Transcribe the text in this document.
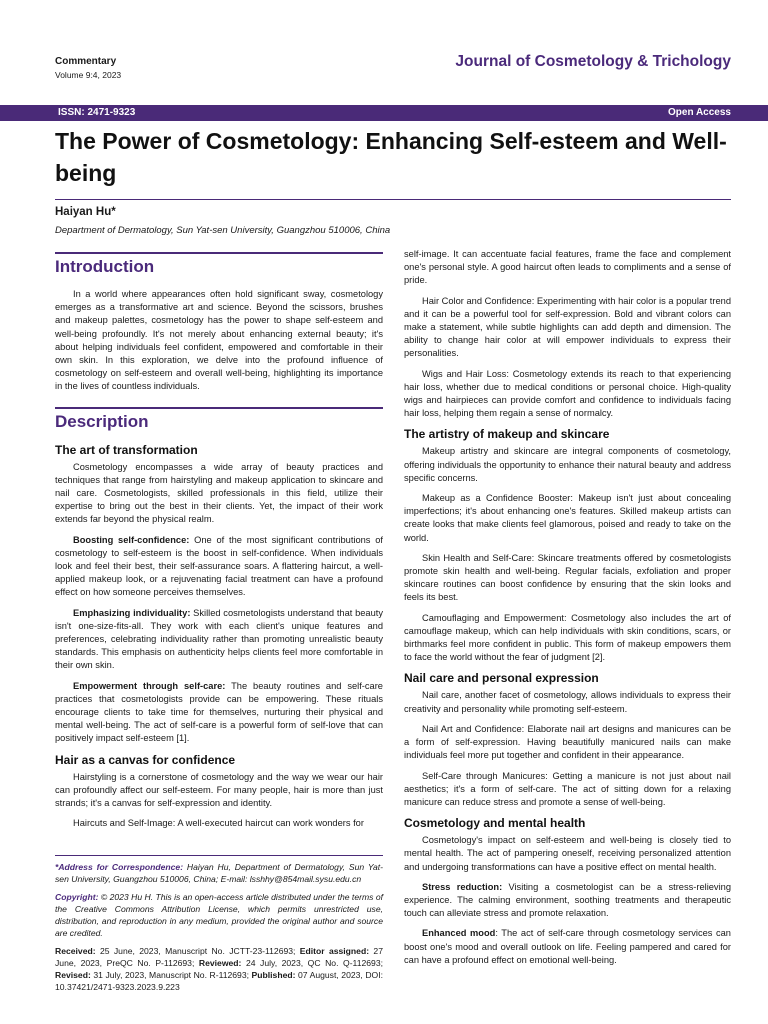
Commentary
Volume 9:4, 2023
Journal of Cosmetology & Trichology
ISSN: 2471-9323	Open Access
The Power of Cosmetology: Enhancing Self-esteem and Well-being
Haiyan Hu*
Department of Dermatology, Sun Yat-sen University, Guangzhou 510006, China
Introduction

In a world where appearances often hold significant sway, cosmetology emerges as a transformative art and science. Beyond the scissors, brushes and makeup palettes, cosmetology has the power to shape self-esteem and well-being profoundly. It's not merely about enhancing external beauty; it's about helping individuals feel confident, empowered and comfortable in their own skin. In this exploration, we delve into the profound influence of cosmetology on self-esteem and overall well-being, highlighting its importance in the lives of countless individuals.

Description
The art of transformation

Cosmetology encompasses a wide array of beauty practices and techniques that range from hairstyling and makeup application to skincare and nail care. Cosmetologists, skilled professionals in this field, utilize their expertise to bring out the best in their clients. Yet, the impact of their work extends far beyond the physical realm.

Boosting self-confidence: One of the most significant contributions of cosmetology to self-esteem is the boost in self-confidence. When individuals look and feel their best, their self-assurance soars. A flattering haircut, a well-applied makeup look, or a rejuvenating facial treatment can have a profound effect on how someone perceives themselves.

Emphasizing individuality: Skilled cosmetologists understand that beauty isn't one-size-fits-all. They work with each client's unique features and preferences, celebrating individuality rather than promoting unrealistic beauty standards. This emphasis on authenticity helps clients feel more comfortable in their own skin.

Empowerment through self-care: The beauty routines and self-care practices that cosmetologists provide can be empowering. These rituals encourage clients to take time for themselves, nurturing their physical and mental well-being. The act of self-care is a powerful form of self-love that can positively impact self-esteem [1].

Hair as a canvas for confidence

Hairstyling is a cornerstone of cosmetology and the way we wear our hair can profoundly affect our self-esteem. For many people, hair is more than just strands; it's a canvas for self-expression and identity.

Haircuts and Self-Image: A well-executed haircut can work wonders for

self-image. It can accentuate facial features, frame the face and complement one's personal style. A good haircut often leads to compliments and a sense of pride.

Hair Color and Confidence: Experimenting with hair color is a popular trend and it can be a powerful tool for self-expression. Bold and vibrant colors can make a statement, while subtle highlights can add depth and dimension. The ability to change hair color at will empower individuals to express their personalities.

Wigs and Hair Loss: Cosmetology extends its reach to that experiencing hair loss, whether due to medical conditions or personal choice. High-quality wigs and hairpieces can provide comfort and confidence to individuals facing hair loss, helping them regain a sense of normalcy.

The artistry of makeup and skincare

Makeup artistry and skincare are integral components of cosmetology, offering individuals the opportunity to enhance their natural beauty and address specific concerns.

Makeup as a Confidence Booster: Makeup isn't just about concealing imperfections; it's about enhancing one's features. Skilled makeup artists can create looks that make clients feel glamorous, poised and ready to take on the world.

Skin Health and Self-Care: Skincare treatments offered by cosmetologists promote skin health and well-being. Regular facials, exfoliation and proper skincare routines can boost confidence by ensuring that the skin looks and feels its best.

Camouflaging and Empowerment: Cosmetology also includes the art of camouflage makeup, which can help individuals with skin conditions, scars, or birthmarks feel more confident in public. This form of makeup empowers them to face the world without the fear of judgment [2].

Nail care and personal expression

Nail care, another facet of cosmetology, allows individuals to express their creativity and personality while promoting self-esteem.

Nail Art and Confidence: Elaborate nail art designs and manicures can be a form of self-expression. Having beautifully manicured nails can make individuals feel more put together and confident in their appearance.

Self-Care through Manicures: Getting a manicure is not just about nail aesthetics; it's a form of self-care. The act of sitting down for a relaxing manicure can reduce stress and promote a sense of well-being.

Cosmetology and mental health

Cosmetology's impact on self-esteem and well-being is closely tied to mental health. The act of pampering oneself, receiving personalized attention and undergoing transformations can have a positive effect on mental health.

Stress reduction: Visiting a cosmetologist can be a stress-relieving experience. The calming environment, soothing treatments and therapeutic touch can alleviate stress and promote relaxation.

Enhanced mood: The act of self-care through cosmetology services can boost one's mood and overall outlook on life. Feeling pampered and cared for can have a profound effect on emotional well-being.

*Address for Correspondence: Haiyan Hu, Department of Dermatology, Sun Yat-sen University, Guangzhou 510006, China; E-mail: lsshhy@854mail.sysu.edu.cn

Copyright: © 2023 Hu H. This is an open-access article distributed under the terms of the Creative Commons Attribution License, which permits unrestricted use, distribution, and reproduction in any medium, provided the original author and source are credited.

Received: 25 June, 2023, Manuscript No. JCTT-23-112693; Editor assigned: 27 June, 2023, PreQC No. P-112693; Reviewed: 24 July, 2023, QC No. Q-112693; Revised: 31 July, 2023, Manuscript No. R-112693; Published: 07 August, 2023, DOI: 10.37421/2471-9323.2023.9.223
